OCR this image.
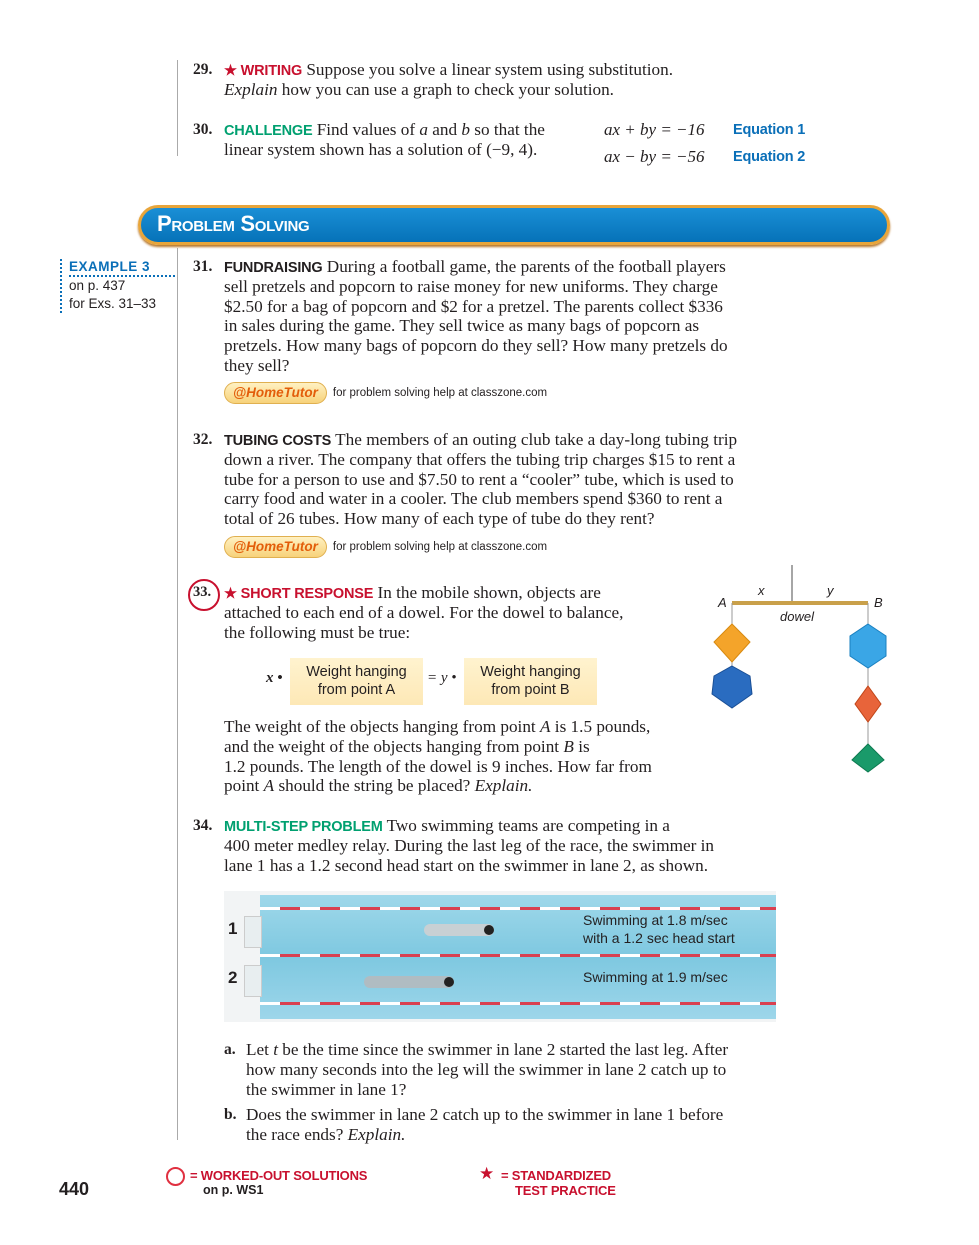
29. ★ WRITING Suppose you solve a linear system using substitution.
Explain how you can use a graph to check your solution.
30. CHALLENGE Find values of a and b so that the
linear system shown has a solution of (−9, 4).
ax + by = −16 Equation 1
ax − by = −56 Equation 2
Problem Solving
EXAMPLE 3
on p. 437
for Exs. 31–33
31. FUNDRAISING During a football game, the parents of the football players
sell pretzels and popcorn to raise money for new uniforms. They charge
$2.50 for a bag of popcorn and $2 for a pretzel. The parents collect $336
in sales during the game. They sell twice as many bags of popcorn as
pretzels. How many bags of popcorn do they sell? How many pretzels do
they sell?
@HomeTutor	for problem solving help at classzone.com
32. TUBING COSTS The members of an outing club take a day-long tubing trip
down a river. The company that offers the tubing trip charges $15 to rent a
tube for a person to use and $7.50 to rent a “cooler” tube, which is used to
carry food and water in a cooler. The club members spend $360 to rent a
total of 26 tubes. How many of each type of tube do they rent?
@HomeTutor	for problem solving help at classzone.com
33. ★ SHORT RESPONSE In the mobile shown, objects are
attached to each end of a dowel. For the dowel to balance,
the following must be true:
x •	Weight hanging
from point A
= y •	Weight hanging
from point B
The weight of the objects hanging from point A is 1.5 pounds,
and the weight of the objects hanging from point B is
1.2 pounds. The length of the dowel is 9 inches. How far from
point A should the string be placed? Explain.
A	B
x	y
dowel
34. MULTI-STEP PROBLEM Two swimming teams are competing in a
400 meter medley relay. During the last leg of the race, the swimmer in
lane 1 has a 1.2 second head start on the swimmer in lane 2, as shown.
1
2
Swimming at 1.8 m/sec
with a 1.2 sec head start
Swimming at 1.9 m/sec
a. Let t be the time since the swimmer in lane 2 started the last leg. After
how many seconds into the leg will the swimmer in lane 2 catch up to
the swimmer in lane 1?
b. Does the swimmer in lane 2 catch up to the swimmer in lane 1 before
the race ends? Explain.
440
= WORKED-OUT SOLUTIONS
on p. WS1
★ = STANDARDIZED
TEST PRACTICE
